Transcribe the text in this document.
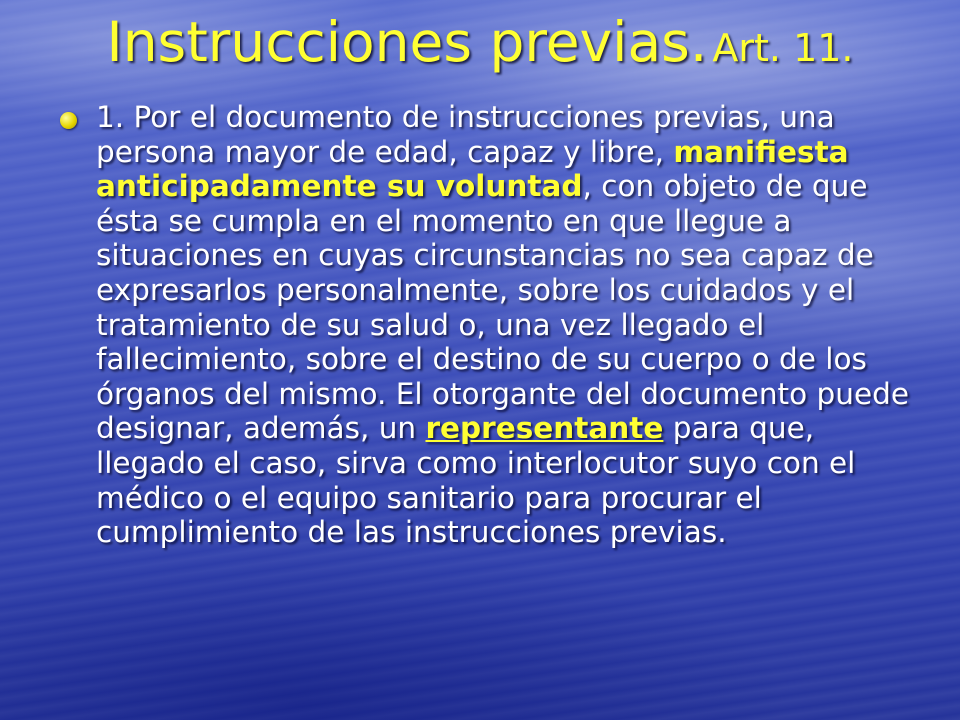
Instrucciones previas. Art. 11.

1. Por el documento de instrucciones previas, una persona mayor de edad, capaz y libre, manifiesta anticipadamente su voluntad, con objeto de que ésta se cumpla en el momento en que llegue a situaciones en cuyas circunstancias no sea capaz de expresarlos personalmente, sobre los cuidados y el tratamiento de su salud o, una vez llegado el fallecimiento, sobre el destino de su cuerpo o de los órganos del mismo. El otorgante del documento puede designar, además, un representante para que, llegado el caso, sirva como interlocutor suyo con el médico o el equipo sanitario para procurar el cumplimiento de las instrucciones previas.
